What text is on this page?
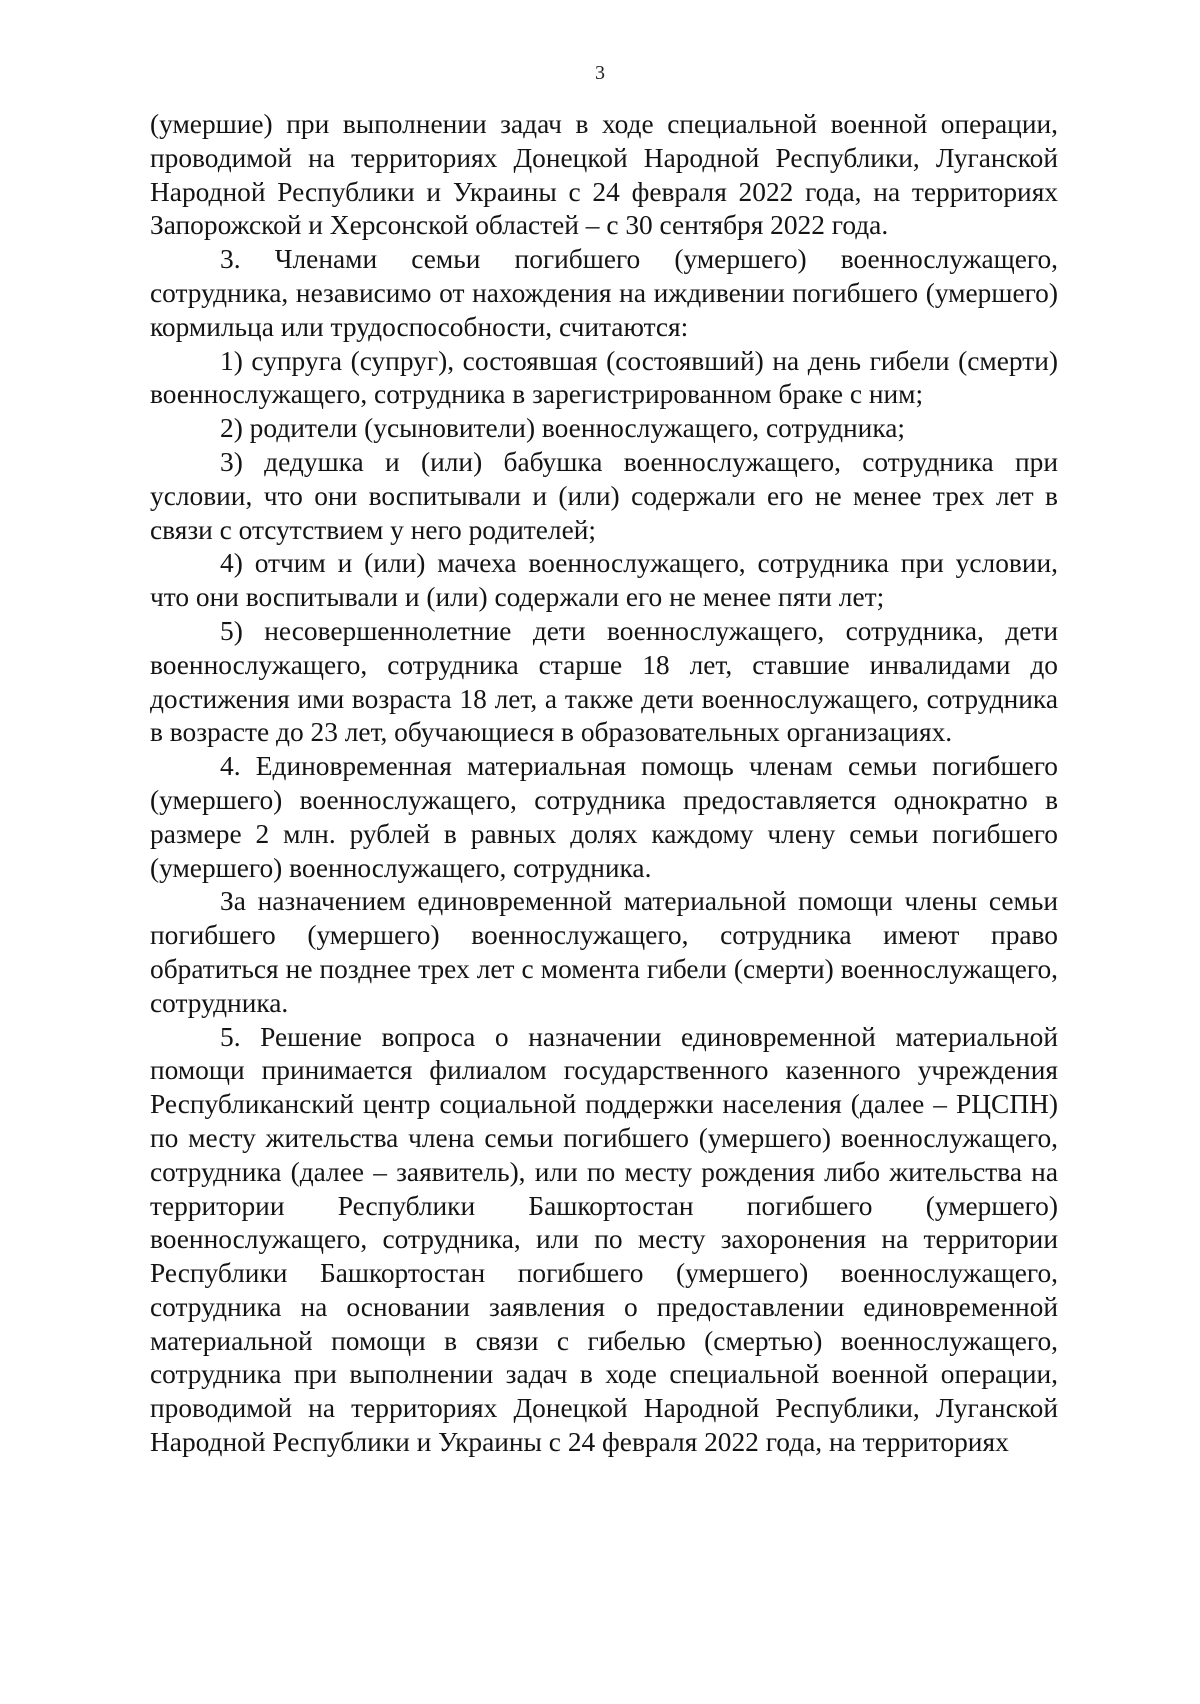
3

(умершие) при выполнении задач в ходе специальной военной операции, проводимой на территориях Донецкой Народной Республики, Луганской Народной Республики и Украины с 24 февраля 2022 года, на территориях Запорожской и Херсонской областей – с 30 сентября 2022 года.

3. Членами семьи погибшего (умершего) военнослужащего, сотрудника, независимо от нахождения на иждивении погибшего (умершего) кормильца или трудоспособности, считаются:

1) супруга (супруг), состоявшая (состоявший) на день гибели (смерти) военнослужащего, сотрудника в зарегистрированном браке с ним;

2) родители (усыновители) военнослужащего, сотрудника;

3) дедушка и (или) бабушка военнослужащего, сотрудника при условии, что они воспитывали и (или) содержали его не менее трех лет в связи с отсутствием у него родителей;

4) отчим и (или) мачеха военнослужащего, сотрудника при условии, что они воспитывали и (или) содержали его не менее пяти лет;

5) несовершеннолетние дети военнослужащего, сотрудника, дети военнослужащего, сотрудника старше 18 лет, ставшие инвалидами до достижения ими возраста 18 лет, а также дети военнослужащего, сотрудника в возрасте до 23 лет, обучающиеся в образовательных организациях.

4. Единовременная материальная помощь членам семьи погибшего (умершего) военнослужащего, сотрудника предоставляется однократно в размере 2 млн. рублей в равных долях каждому члену семьи погибшего (умершего) военнослужащего, сотрудника.

За назначением единовременной материальной помощи члены семьи погибшего (умершего) военнослужащего, сотрудника имеют право обратиться не позднее трех лет с момента гибели (смерти) военнослужащего, сотрудника.

5. Решение вопроса о назначении единовременной материальной помощи принимается филиалом государственного казенного учреждения Республиканский центр социальной поддержки населения (далее – РЦСПН) по месту жительства члена семьи погибшего (умершего) военнослужащего, сотрудника (далее – заявитель), или по месту рождения либо жительства на территории Республики Башкортостан погибшего (умершего) военнослужащего, сотрудника, или по месту захоронения на территории Республики Башкортостан погибшего (умершего) военнослужащего, сотрудника на основании заявления о предоставлении единовременной материальной помощи в связи с гибелью (смертью) военнослужащего, сотрудника при выполнении задач в ходе специальной военной операции, проводимой на территориях Донецкой Народной Республики, Луганской Народной Республики и Украины с 24 февраля 2022 года, на территориях
